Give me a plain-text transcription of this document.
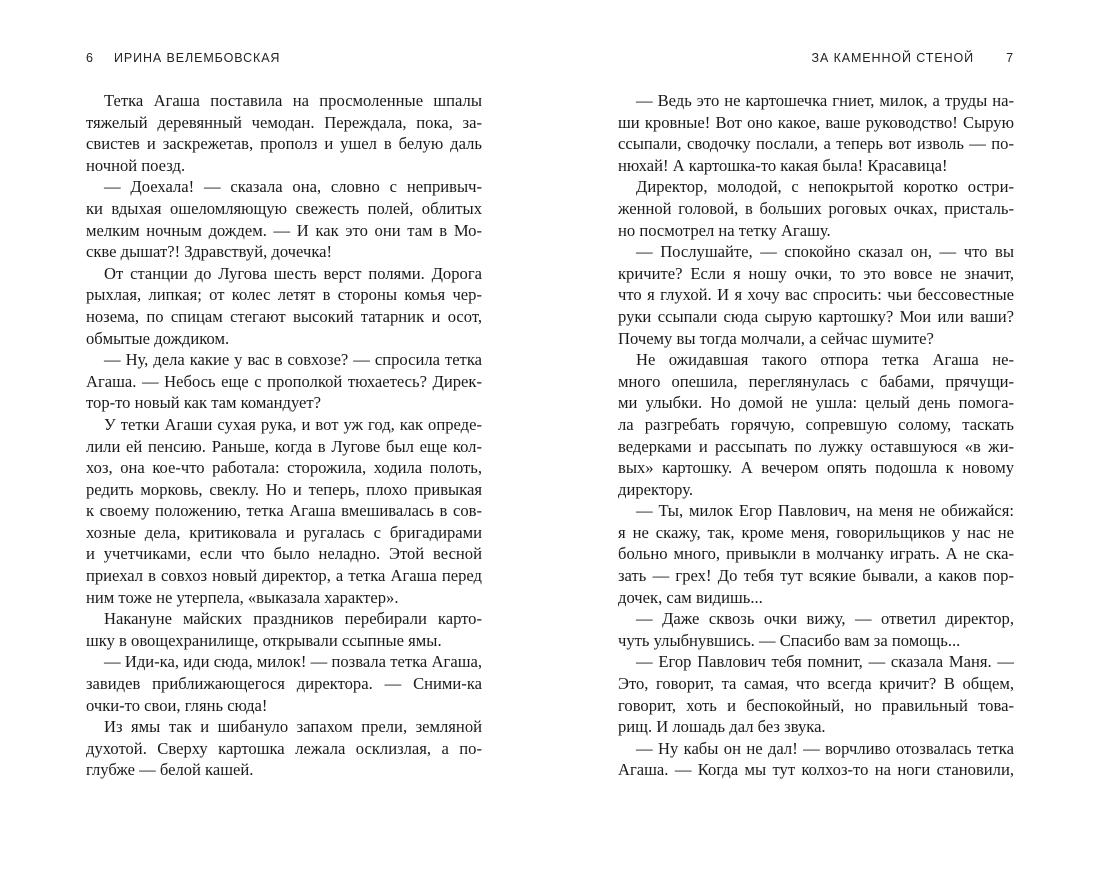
6 ИРИНА ВЕЛЕМБОВСКАЯ
Тетка Агаша поставила на просмоленные шпалы
тяжелый деревянный чемодан. Переждала, пока, за-
свистев и заскрежетав, прополз и ушел в белую даль
ночной поезд.
— Доехала! — сказала она, словно с непривыч-
ки вдыхая ошеломляющую свежесть полей, облитых
мелким ночным дождем. — И как это они там в Мо-
скве дышат?! Здравствуй, дочечка!
От станции до Лугова шесть верст полями. Дорога
рыхлая, липкая; от колес летят в стороны комья чер-
нозема, по спицам стегают высокий татарник и осот,
обмытые дождиком.
— Ну, дела какие у вас в совхозе? — спросила тетка
Агаша. — Небось еще с прополкой тюхаетесь? Дирек-
тор-то новый как там командует?
У тетки Агаши сухая рука, и вот уж год, как опреде-
лили ей пенсию. Раньше, когда в Лугове был еще кол-
хоз, она кое-что работала: сторожила, ходила полоть,
редить морковь, свеклу. Но и теперь, плохо привыкая
к своему положению, тетка Агаша вмешивалась в сов-
хозные дела, критиковала и ругалась с бригадирами
и учетчиками, если что было неладно. Этой весной
приехал в совхоз новый директор, а тетка Агаша перед
ним тоже не утерпела, «выказала характер».
Накануне майских праздников перебирали карто-
шку в овощехранилище, открывали ссыпные ямы.
— Иди-ка, иди сюда, милок! — позвала тетка Агаша,
завидев приближающегося директора. — Сними-ка
очки-то свои, глянь сюда!
Из ямы так и шибануло запахом прели, земляной
духотой. Сверху картошка лежала осклизлая, а по-
глубже — белой кашей.
ЗА КАМЕННОЙ СТЕНОЙ	7
— Ведь это не картошечка гниет, милок, а труды на-
ши кровные! Вот оно какое, ваше руководство! Сырую
ссыпали, сводочку послали, а теперь вот изволь — по-
нюхай! А картошка-то какая была! Красавица!
Директор, молодой, с непокрытой коротко остри-
женной головой, в больших роговых очках, присталь-
но посмотрел на тетку Агашу.
— Послушайте, — спокойно сказал он, — что вы
кричите? Если я ношу очки, то это вовсе не значит,
что я глухой. И я хочу вас спросить: чьи бессовестные
руки ссыпали сюда сырую картошку? Мои или ваши?
Почему вы тогда молчали, а сейчас шумите?
Не ожидавшая такого отпора тетка Агаша не-
много опешила, переглянулась с бабами, прячущи-
ми улыбки. Но домой не ушла: целый день помога-
ла разгребать горячую, сопревшую солому, таскать
ведерками и рассыпать по лужку оставшуюся «в жи-
вых» картошку. А вечером опять подошла к новому
директору.
— Ты, милок Егор Павлович, на меня не обижайся:
я не скажу, так, кроме меня, говорильщиков у нас не
больно много, привыкли в молчанку играть. А не ска-
зать — грех! До тебя тут всякие бывали, а каков пор-
дочек, сам видишь...
— Даже сквозь очки вижу, — ответил директор,
чуть улыбнувшись. — Спасибо вам за помощь...
— Егор Павлович тебя помнит, — сказала Маня. —
Это, говорит, та самая, что всегда кричит? В общем,
говорит, хоть и беспокойный, но правильный това-
рищ. И лошадь дал без звука.
— Ну кабы он не дал! — ворчливо отозвалась тетка
Агаша. — Когда мы тут колхоз-то на ноги становили,
